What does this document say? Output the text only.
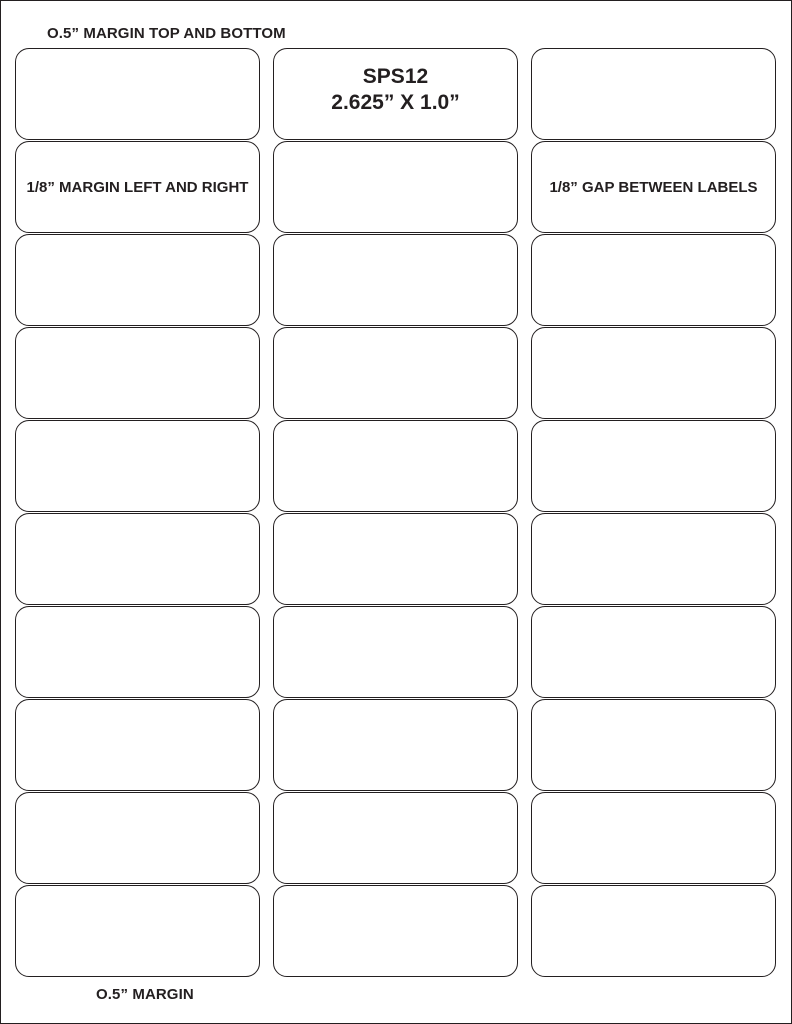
O.5” MARGIN TOP AND BOTTOM
SPS12
2.625” X 1.0”
1/8” MARGIN LEFT AND RIGHT	1/8” GAP BETWEEN LABELS
O.5” MARGIN
